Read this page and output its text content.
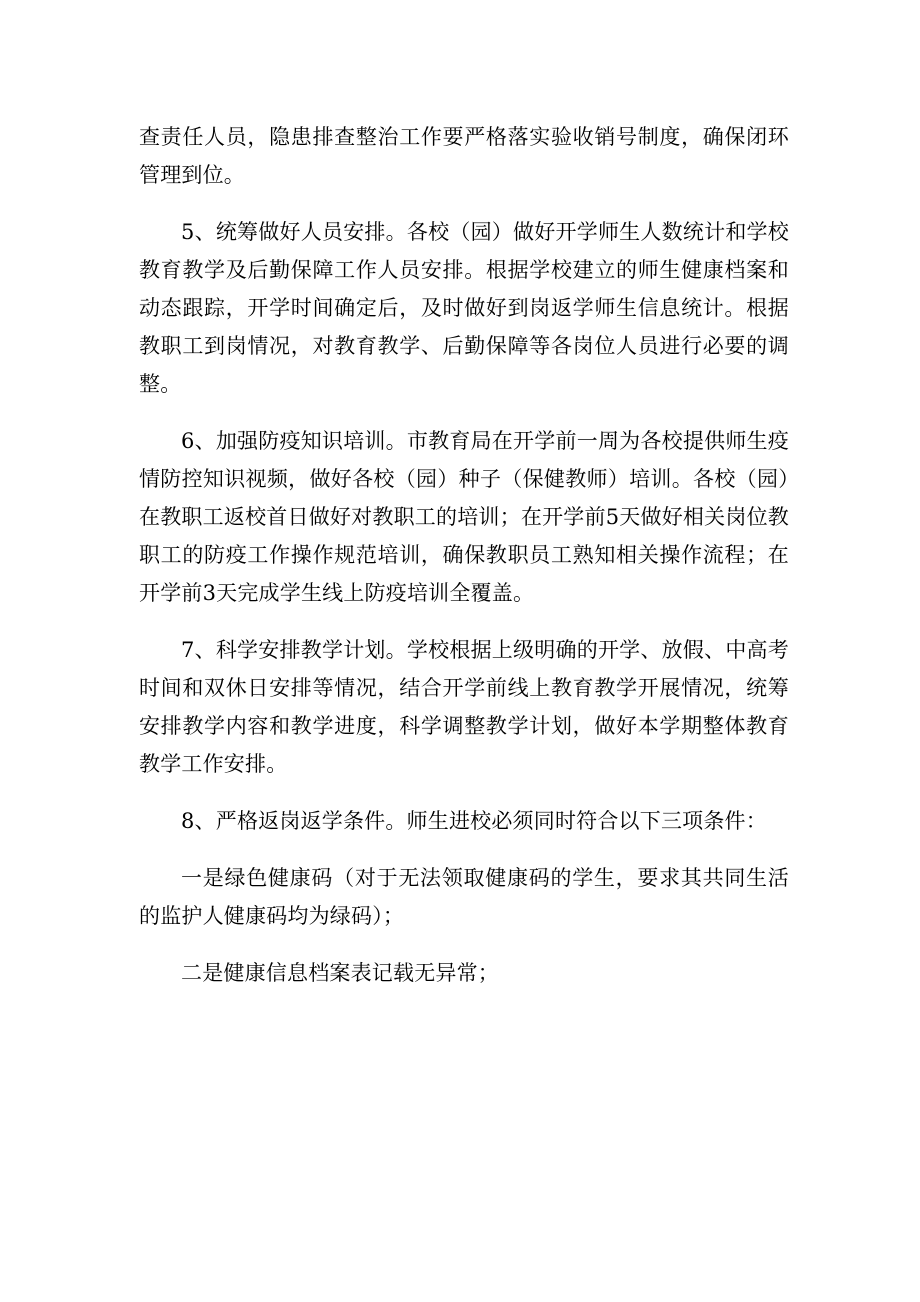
查责任人员，隐患排查整治工作要严格落实验收销号制度，确保闭环管理到位。

5、统筹做好人员安排。各校（园）做好开学师生人数统计和学校教育教学及后勤保障工作人员安排。根据学校建立的师生健康档案和动态跟踪，开学时间确定后，及时做好到岗返学师生信息统计。根据教职工到岗情况，对教育教学、后勤保障等各岗位人员进行必要的调整。

6、加强防疫知识培训。市教育局在开学前一周为各校提供师生疫情防控知识视频，做好各校（园）种子（保健教师）培训。各校（园）在教职工返校首日做好对教职工的培训；在开学前5天做好相关岗位教职工的防疫工作操作规范培训，确保教职员工熟知相关操作流程；在开学前3天完成学生线上防疫培训全覆盖。

7、科学安排教学计划。学校根据上级明确的开学、放假、中高考时间和双休日安排等情况，结合开学前线上教育教学开展情况，统筹安排教学内容和教学进度，科学调整教学计划，做好本学期整体教育教学工作安排。

8、严格返岗返学条件。师生进校必须同时符合以下三项条件：

一是绿色健康码（对于无法领取健康码的学生，要求其共同生活的监护人健康码均为绿码）；

二是健康信息档案表记载无异常；
